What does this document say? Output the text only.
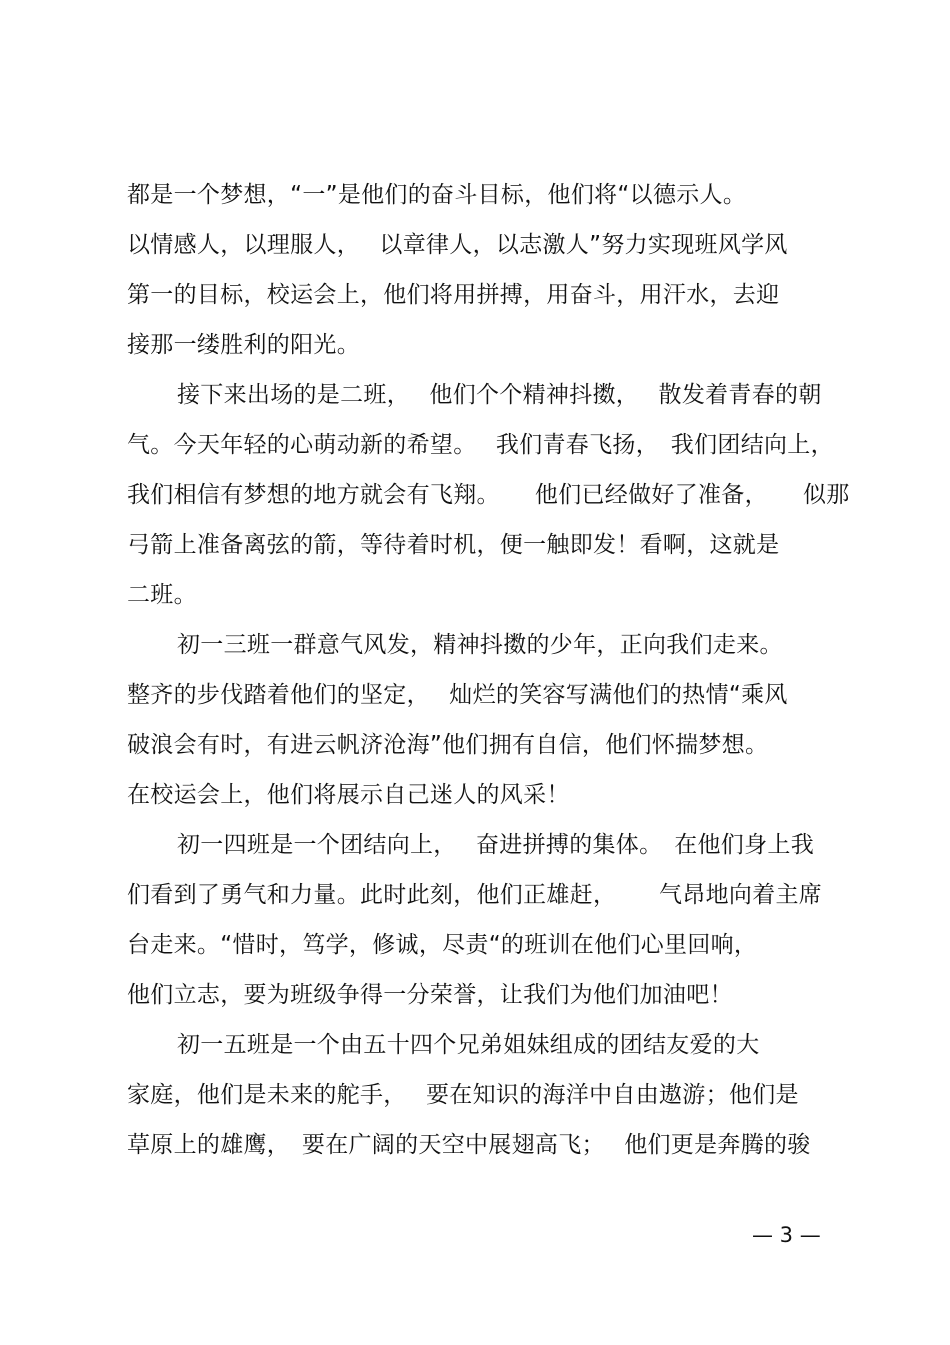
都是一个梦想，“一”是他们的奋斗目标，他们将“以德示人。
以情感人，以理服人，　 以章律人，以志激人”努力实现班风学风
第一的目标，校运会上，他们将用拼搏，用奋斗，用汗水，去迎
接那一缕胜利的阳光。
接下来出场的是二班，　 他们个个精神抖擞，　 散发着青春的朝
气。今天年轻的心萌动新的希望。　 我们青春飞扬，　我们团结向上，
我们相信有梦想的地方就会有飞翔。　　他们已经做好了准备，　　似那
弓箭上准备离弦的箭，等待着时机，便一触即发！看啊，这就是
二班。
初一三班一群意气风发，精神抖擞的少年，正向我们走来。
整齐的步伐踏着他们的坚定，　 灿烂的笑容写满他们的热情“乘风
破浪会有时，有进云帆济沧海”他们拥有自信，他们怀揣梦想。
在校运会上，他们将展示自己迷人的风采！
初一四班是一个团结向上，　 奋进拼搏的集体。　在他们身上我
们看到了勇气和力量。此时此刻，他们正雄赶，　　 气昂地向着主席
台走来。“惜时，笃学，修诚，尽责“的班训在他们心里回响，
他们立志，要为班级争得一分荣誉，让我们为他们加油吧！
初一五班是一个由五十四个兄弟姐妹组成的团结友爱的大
家庭，他们是未来的舵手，　 要在知识的海洋中自由遨游；他们是
草原上的雄鹰，　要在广阔的天空中展翅高飞；　 他们更是奔腾的骏
— 3 —
